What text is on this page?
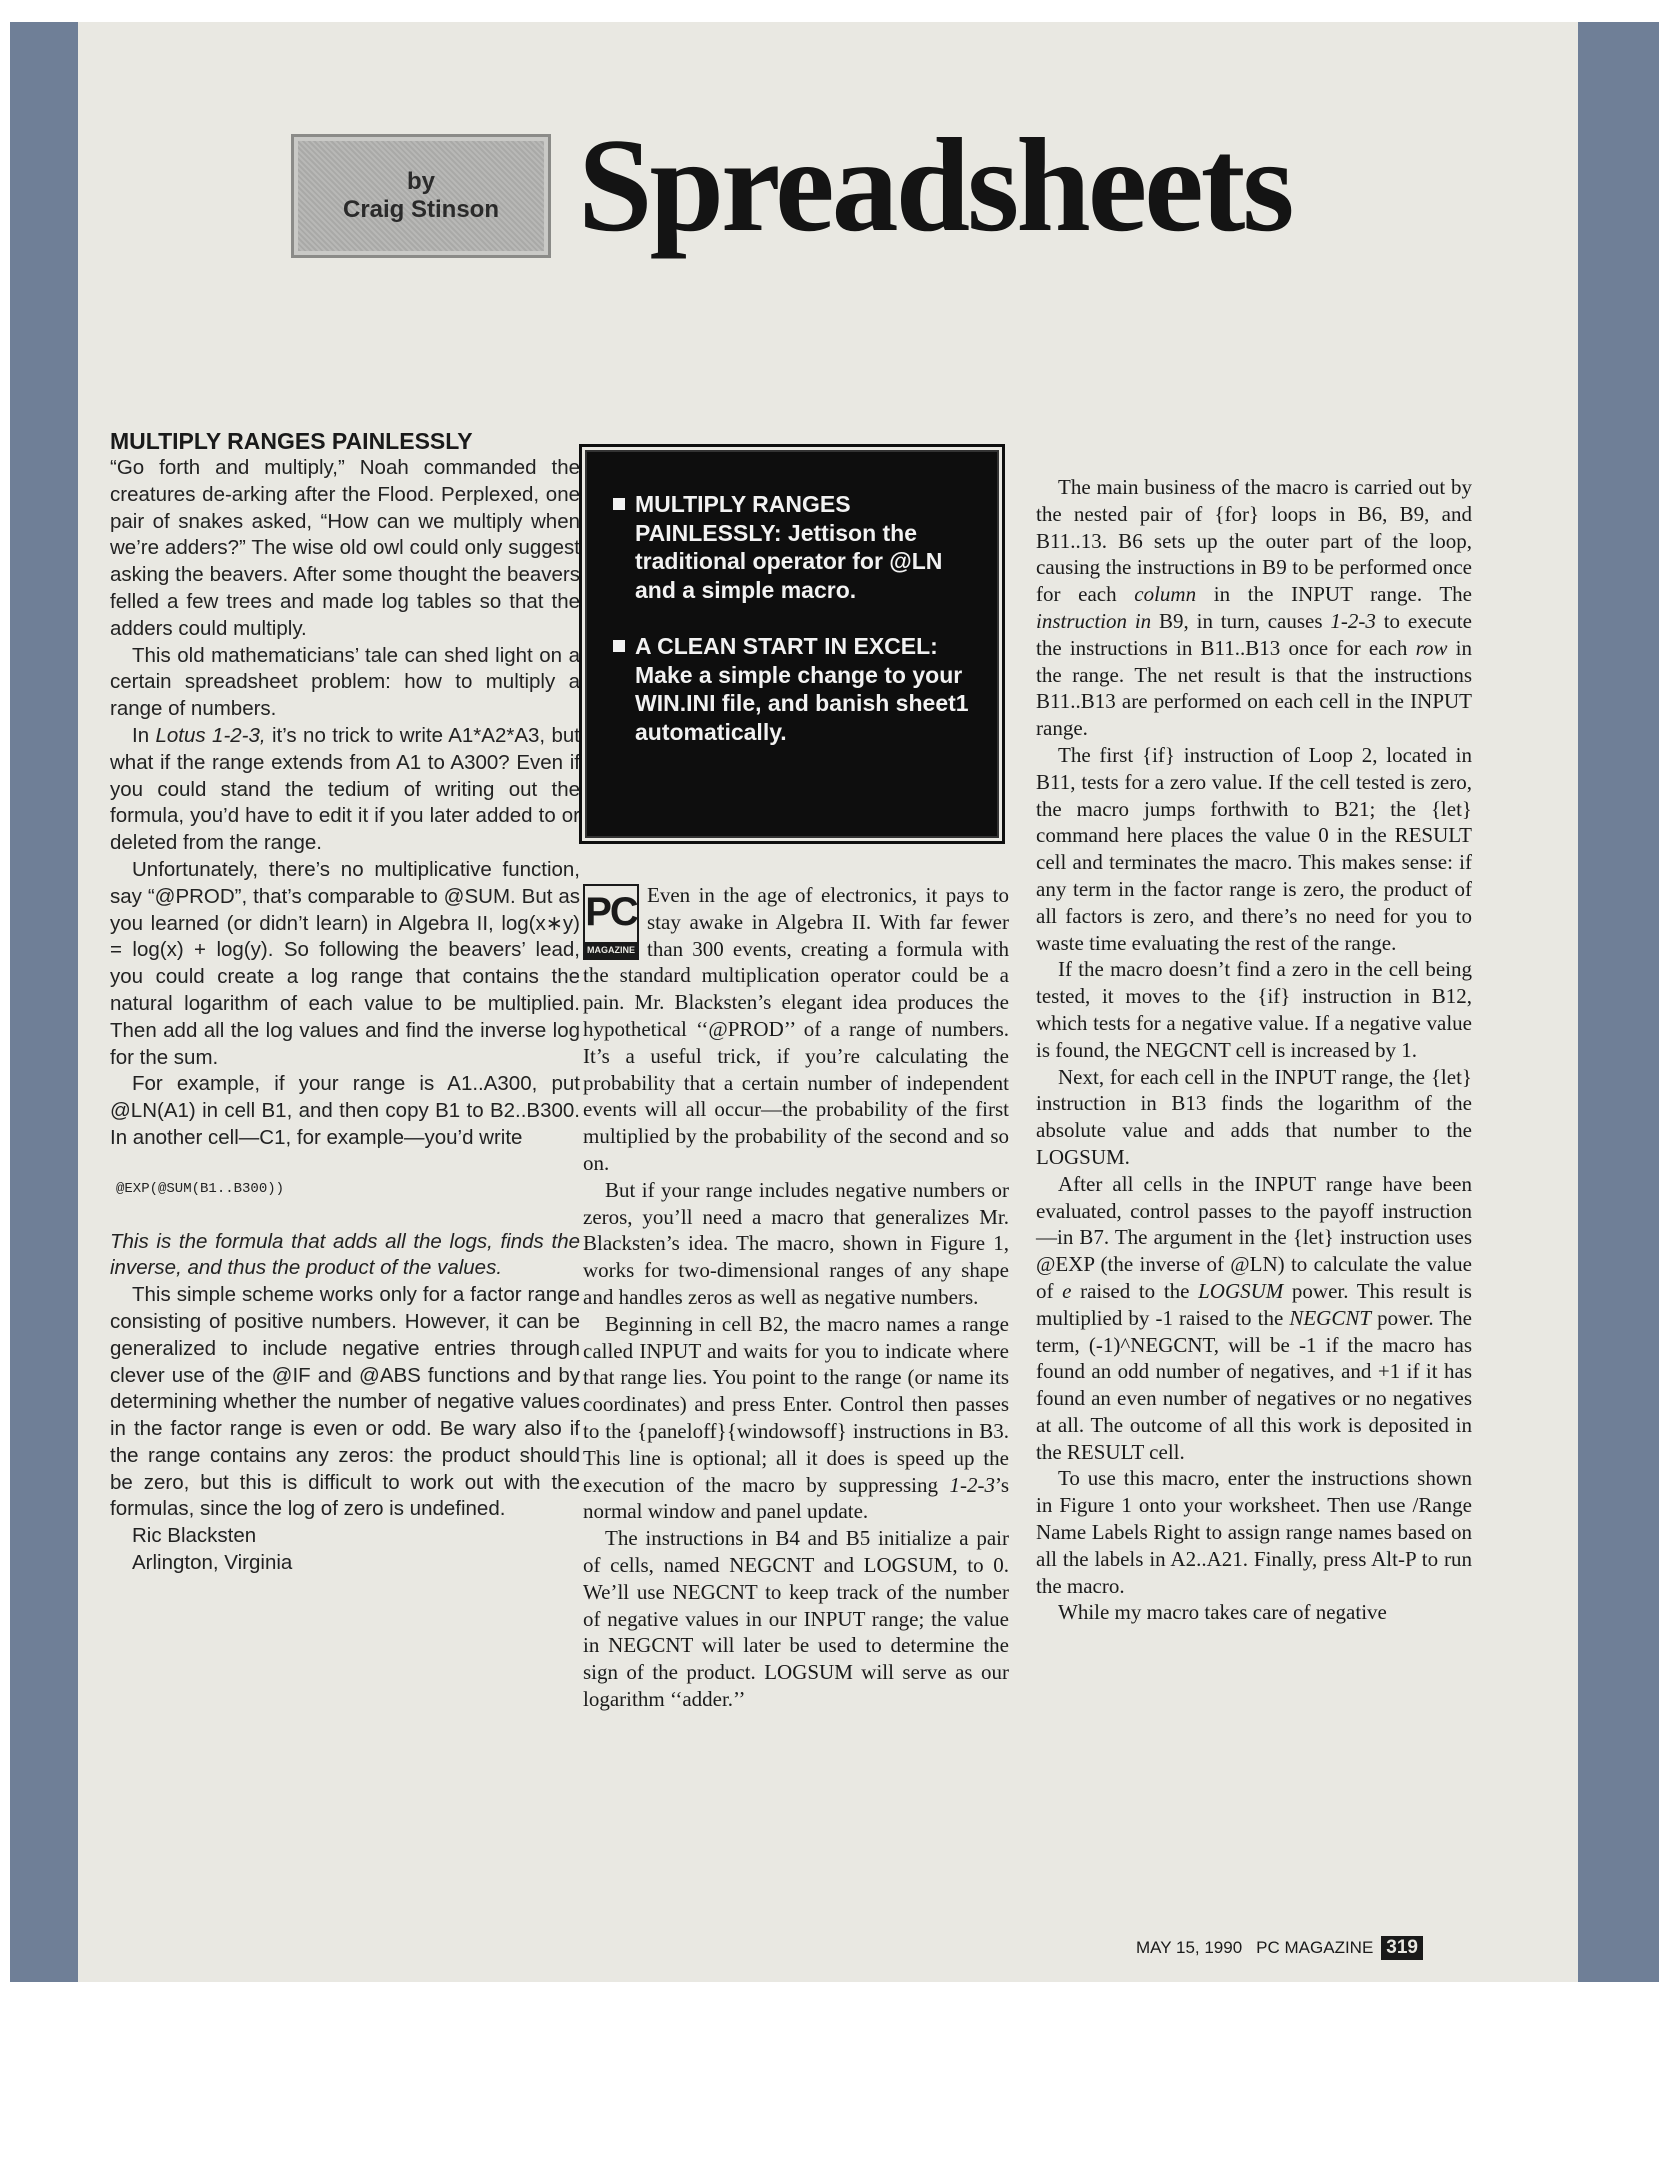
by
Craig Stinson Spreadsheets
MULTIPLY RANGES PAINLESSLY

“Go forth and multiply,” Noah commanded the creatures de-arking after the Flood. Perplexed, one pair of snakes asked, “How can we multiply when we’re adders?” The wise old owl could only suggest asking the beavers. After some thought the beavers felled a few trees and made log tables so that the adders could multiply.

This old mathematicians’ tale can shed light on a certain spreadsheet problem: how to multiply a range of numbers.

In Lotus 1-2-3, it’s no trick to write A1*A2*A3, but what if the range extends from A1 to A300? Even if you could stand the tedium of writing out the formula, you’d have to edit it if you later added to or deleted from the range.

Unfortunately, there’s no multiplicative function, say “@PROD”, that’s comparable to @SUM. But as you learned (or didn’t learn) in Algebra II, log(x∗y) = log(x) + log(y). So following the beavers’ lead, you could create a log range that contains the natural logarithm of each value to be multiplied. Then add all the log values and find the inverse log for the sum.

For example, if your range is A1..A300, put @LN(A1) in cell B1, and then copy B1 to B2..B300. In another cell—C1, for example—you’d write

@EXP(@SUM(B1..B300))

This is the formula that adds all the logs, finds the inverse, and thus the product of the values.

This simple scheme works only for a factor range consisting of positive numbers. However, it can be generalized to include negative entries through clever use of the @IF and @ABS functions and by determining whether the number of negative values in the factor range is even or odd. Be wary also if the range contains any zeros: the product should be zero, but this is difficult to work out with the formulas, since the log of zero is undefined.

Ric Blacksten
Arlington, Virginia
MULTIPLY RANGES PAINLESSLY: Jettison the traditional operator for @LN and a simple macro.
A CLEAN START IN EXCEL: Make a simple change to your WIN.INI file, and banish sheet1 automatically.
PC
MAGAZINE

Even in the age of electronics, it pays to stay awake in Algebra II. With far fewer than 300 events, creating a formula with the standard multiplication operator could be a pain. Mr. Blacksten’s elegant idea produces the hypothetical ‘‘@PROD’’ of a range of numbers. It’s a useful trick, if you’re calculating the probability that a certain number of independent events will all occur—the probability of the first multiplied by the probability of the second and so on.

But if your range includes negative numbers or zeros, you’ll need a macro that generalizes Mr. Blacksten’s idea. The macro, shown in Figure 1, works for two-dimensional ranges of any shape and handles zeros as well as negative numbers.

Beginning in cell B2, the macro names a range called INPUT and waits for you to indicate where that range lies. You point to the range (or name its coordinates) and press Enter. Control then passes to the {paneloff}{windowsoff} instructions in B3. This line is optional; all it does is speed up the execution of the macro by suppressing 1-2-3’s normal window and panel update.

The instructions in B4 and B5 initialize a pair of cells, named NEGCNT and LOGSUM, to 0. We’ll use NEGCNT to keep track of the number of negative values in our INPUT range; the value in NEGCNT will later be used to determine the sign of the product. LOGSUM will serve as our logarithm ‘‘adder.’’

The main business of the macro is carried out by the nested pair of {for} loops in B6, B9, and B11..13. B6 sets up the outer part of the loop, causing the instructions in B9 to be performed once for each column in the INPUT range. The instruction in B9, in turn, causes 1-2-3 to execute the instructions in B11..B13 once for each row in the range. The net result is that the instructions B11..B13 are performed on each cell in the INPUT range.

The first {if} instruction of Loop 2, located in B11, tests for a zero value. If the cell tested is zero, the macro jumps forthwith to B21; the {let} command here places the value 0 in the RESULT cell and terminates the macro. This makes sense: if any term in the factor range is zero, the product of all factors is zero, and there’s no need for you to waste time evaluating the rest of the range.

If the macro doesn’t find a zero in the cell being tested, it moves to the {if} instruction in B12, which tests for a negative value. If a negative value is found, the NEGCNT cell is increased by 1.

Next, for each cell in the INPUT range, the {let} instruction in B13 finds the logarithm of the absolute value and adds that number to the LOGSUM.

After all cells in the INPUT range have been evaluated, control passes to the payoff instruction—in B7. The argument in the {let} instruction uses @EXP (the inverse of @LN) to calculate the value of e raised to the LOGSUM power. This result is multiplied by -1 raised to the NEGCNT power. The term, (-1)^NEGCNT, will be -1 if the macro has found an odd number of negatives, and +1 if it has found an even number of negatives or no negatives at all. The outcome of all this work is deposited in the RESULT cell.

To use this macro, enter the instructions shown in Figure 1 onto your worksheet. Then use /Range Name Labels Right to assign range names based on all the labels in A2..A21. Finally, press Alt-P to run the macro.

While my macro takes care of negative

MAY 15, 1990 PC MAGAZINE 319
